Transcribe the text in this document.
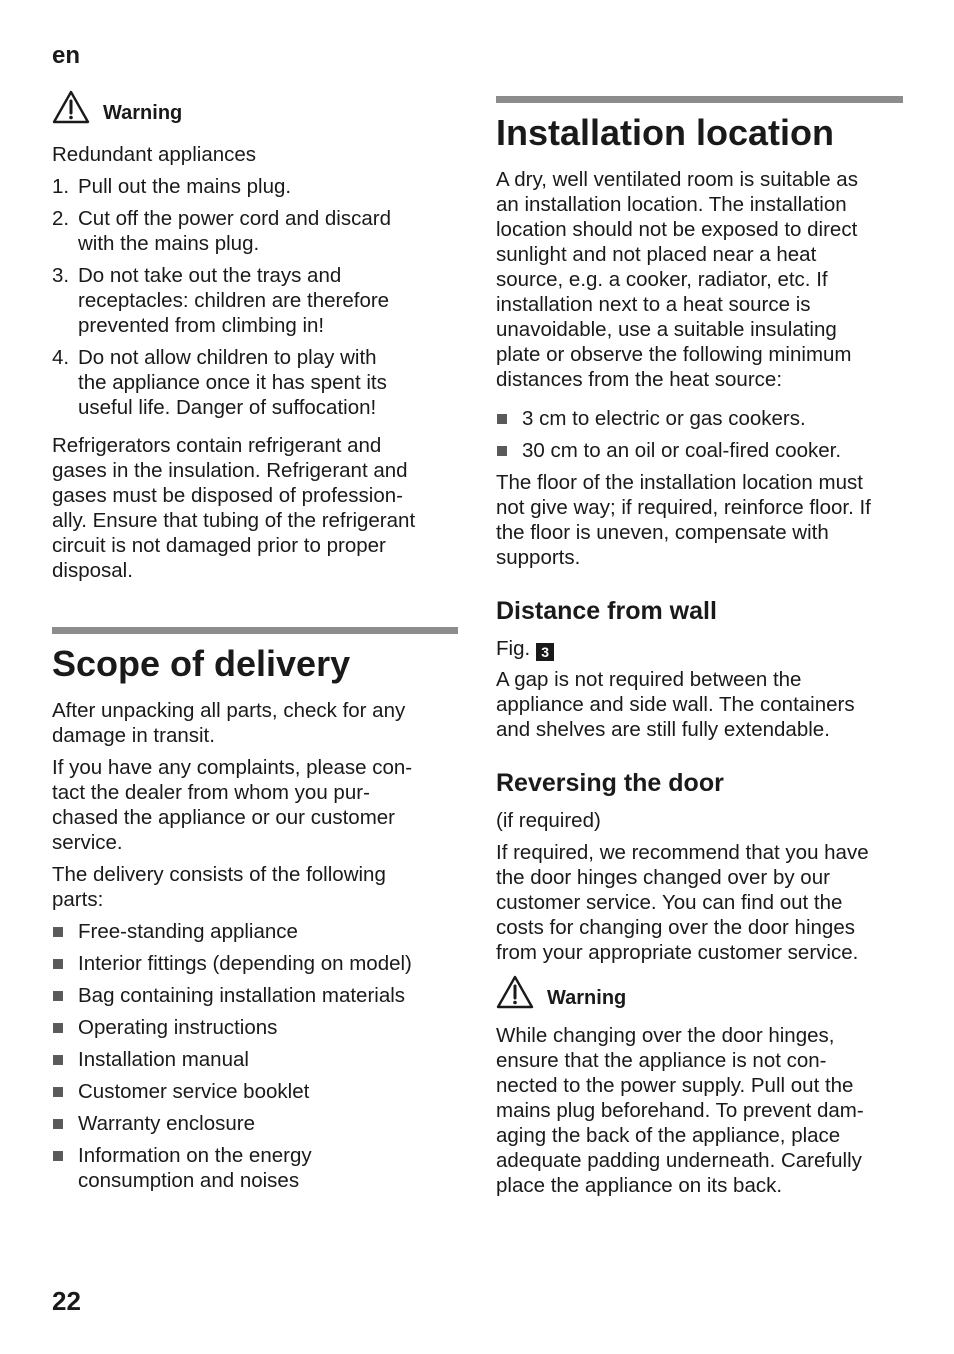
en
Warning

Redundant appliances

1. Pull out the mains plug.
2. Cut off the power cord and discard
with the mains plug.
3. Do not take out the trays and
receptacles: children are therefore
prevented from climbing in!
4. Do not allow children to play with
the appliance once it has spent its
useful life. Danger of suffocation!
Refrigerators contain refrigerant and
gases in the insulation. Refrigerant and
gases must be disposed of profession-
ally. Ensure that tubing of the refrigerant
circuit is not damaged prior to proper
disposal.
Scope of delivery
After unpacking all parts, check for any
damage in transit.
If you have any complaints, please con-
tact the dealer from whom you pur-
chased the appliance or our customer
service.
The delivery consists of the following
parts:
Free-standing appliance
Interior fittings (depending on model)
Bag containing installation materials
Operating instructions
Installation manual
Customer service booklet
Warranty enclosure
Information on the energy
consumption and noises
Installation location
A dry, well ventilated room is suitable as
an installation location. The installation
location should not be exposed to direct
sunlight and not placed near a heat
source, e.g. a cooker, radiator, etc. If
installation next to a heat source is
unavoidable, use a suitable insulating
plate or observe the following minimum
distances from the heat source:
3 cm to electric or gas cookers.
30 cm to an oil or coal-fired cooker.
The floor of the installation location must
not give way; if required, reinforce floor. If
the floor is uneven, compensate with
supports.
Distance from wall
Fig. 3
A gap is not required between the
appliance and side wall. The containers
and shelves are still fully extendable.
Reversing the door

(if required)

If required, we recommend that you have
the door hinges changed over by our
customer service. You can find out the
costs for changing over the door hinges
from your appropriate customer service.
Warning
While changing over the door hinges,
ensure that the appliance is not con-
nected to the power supply. Pull out the
mains plug beforehand. To prevent dam-
aging the back of the appliance, place
adequate padding underneath. Carefully
place the appliance on its back.
22
